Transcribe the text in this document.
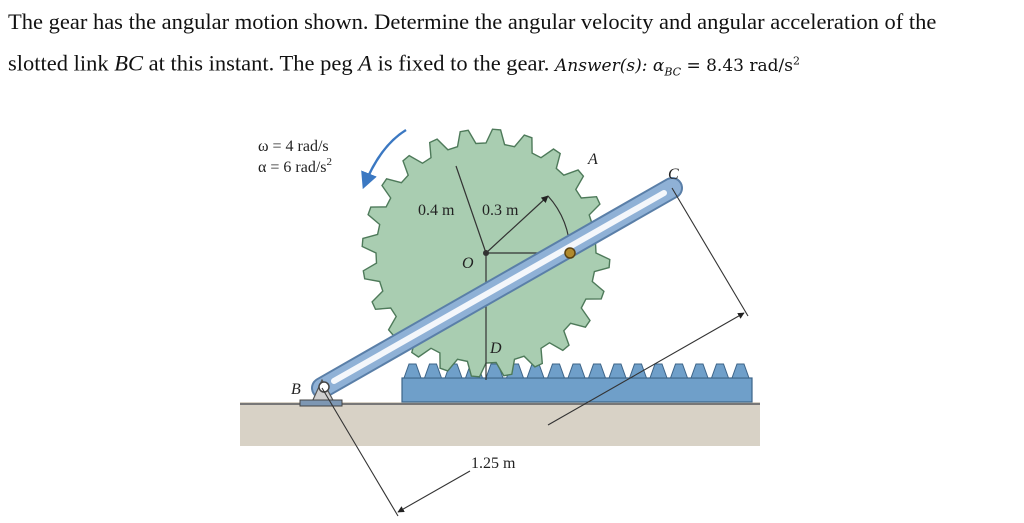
The gear has the angular motion shown. Determine the angular velocity and angular acceleration of the
slotted link BC at this instant. The peg A is fixed to the gear. Answer(s): $\alpha_{BC} = 8.43$ rad/$s^2$
ω = 4 rad/s
α = 6 rad/$s^2$
0.4 m 0.3 m
O
A
B
C
D
1.25 m
